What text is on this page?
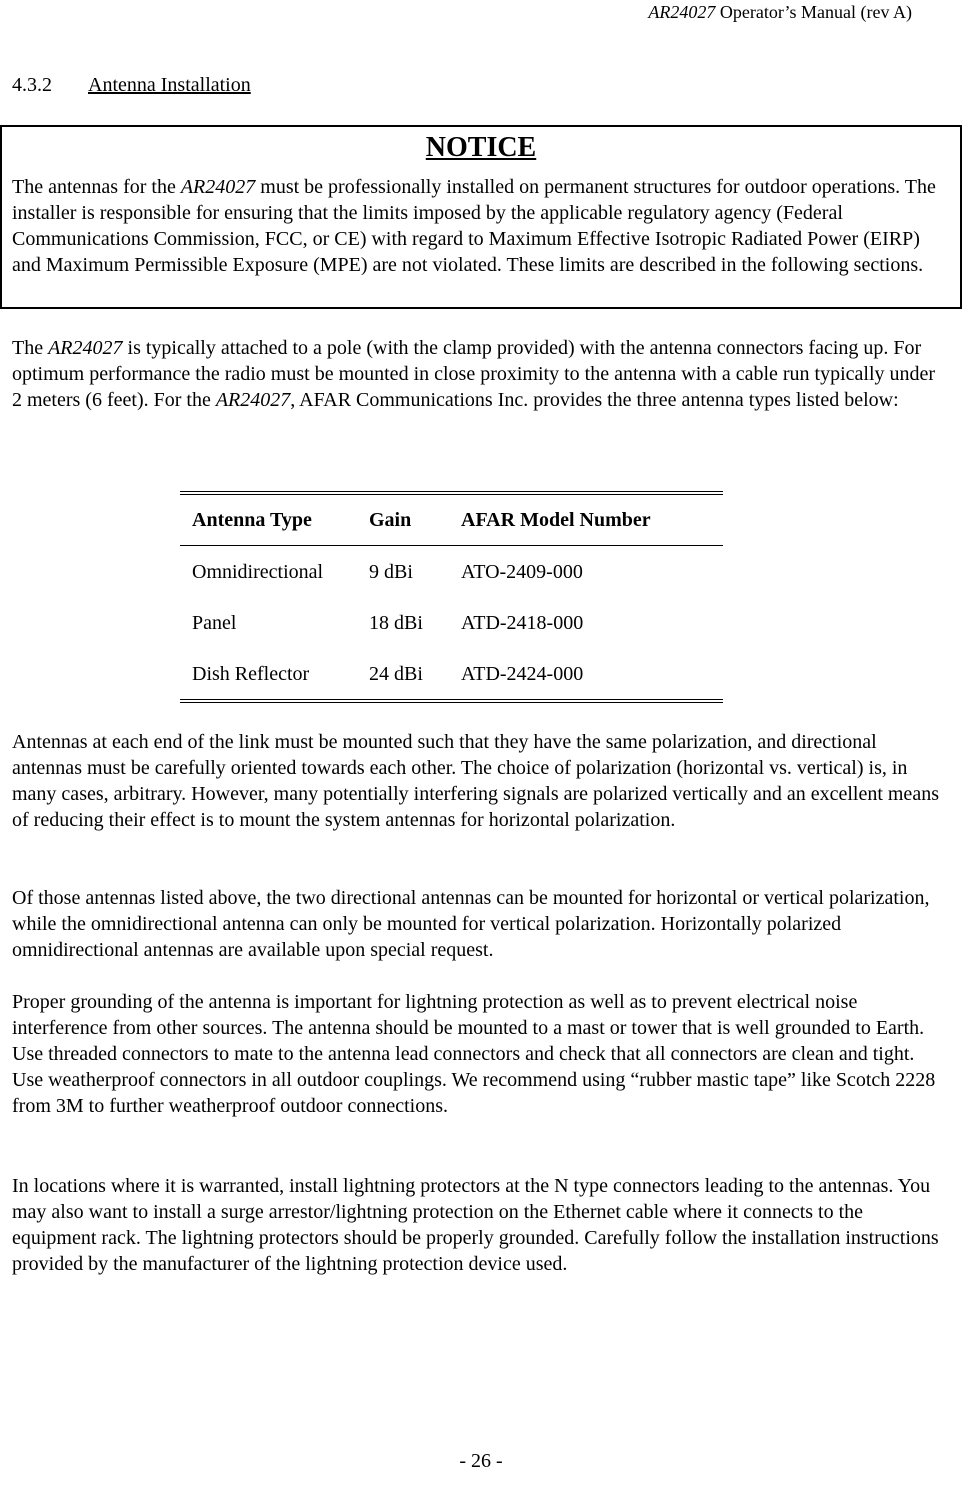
AR24027 Operator’s Manual (rev A)
4.3.2 Antenna Installation
NOTICE

The antennas for the AR24027 must be professionally installed on permanent structures for outdoor operations. The installer is responsible for ensuring that the limits imposed by the applicable regulatory agency (Federal Communications Commission, FCC, or CE) with regard to Maximum Effective Isotropic Radiated Power (EIRP) and Maximum Permissible Exposure (MPE) are not violated. These limits are described in the following sections.

The AR24027 is typically attached to a pole (with the clamp provided) with the antenna connectors facing up. For optimum performance the radio must be mounted in close proximity to the antenna with a cable run typically under 2 meters (6 feet). For the AR24027, AFAR Communications Inc. provides the three antenna types listed below:

Antenna Type	Gain	AFAR Model Number
Omnidirectional	9 dBi	ATO-2409-000
Panel	18 dBi	ATD-2418-000
Dish Reflector	24 dBi	ATD-2424-000

Antennas at each end of the link must be mounted such that they have the same polarization, and directional antennas must be carefully oriented towards each other. The choice of polarization (horizontal vs. vertical) is, in many cases, arbitrary. However, many potentially interfering signals are polarized vertically and an excellent means of reducing their effect is to mount the system antennas for horizontal polarization.

Of those antennas listed above, the two directional antennas can be mounted for horizontal or vertical polarization, while the omnidirectional antenna can only be mounted for vertical polarization. Horizontally polarized omnidirectional antennas are available upon special request.

Proper grounding of the antenna is important for lightning protection as well as to prevent electrical noise interference from other sources. The antenna should be mounted to a mast or tower that is well grounded to Earth. Use threaded connectors to mate to the antenna lead connectors and check that all connectors are clean and tight. Use weatherproof connectors in all outdoor couplings. We recommend using “rubber mastic tape” like Scotch 2228 from 3M to further weatherproof outdoor connections.

In locations where it is warranted, install lightning protectors at the N type connectors leading to the antennas. You may also want to install a surge arrestor/lightning protection on the Ethernet cable where it connects to the equipment rack. The lightning protectors should be properly grounded. Carefully follow the installation instructions provided by the manufacturer of the lightning protection device used.

- 26 -
